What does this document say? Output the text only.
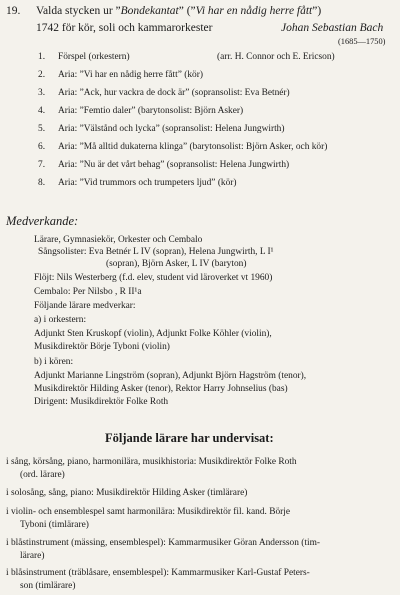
19. Valda stycken ur ”Bondekantat” (”Vi har en nådig herre fått”)
1742 för kör, soli och kammarorkester	Johan Sebastian Bach
(1685—1750)
1. Förspel (orkestern)	(arr. H. Connor och E. Ericson)
2. Aria: ”Vi har en nådig herre fått” (kör)
3. Aria: ”Ack, hur vackra de dock är” (sopransolist: Eva Betnér)
4. Aria: ”Femtio daler” (barytonsolist: Björn Asker)
5. Aria: ”Välstånd och lycka” (sopransolist: Helena Jungwirth)
6. Aria: ”Må alltid dukaterna klinga” (barytonsolist: Björn Asker, och kör)
7. Aria: ”Nu är det vårt behag” (sopransolist: Helena Jungwirth)
8. Aria: ”Vid trummors och trumpeters ljud” (kör)
Medverkande:
Lärare, Gymnasiekör, Orkester och Cembalo
Sångsolister: Eva Betnér L IV (sopran), Helena Jungwirth, L I¹
(sopran), Björn Asker, L IV (baryton)
Flöjt: Nils Westerberg (f.d. elev, student vid läroverket vt 1960)
Cembalo: Per Nilsbo , R II¹a
Följande lärare medverkar:
a) i orkestern:
Adjunkt Sten Kruskopf (violin), Adjunkt Folke Köhler (violin),
Musikdirektör Börje Tyboni (violin)
b) i kören:
Adjunkt Marianne Lingström (sopran), Adjunkt Björn Hagström (tenor),
Musikdirektör Hilding Asker (tenor), Rektor Harry Johnselius (bas)
Dirigent: Musikdirektör Folke Roth
Följande lärare har undervisat:
i sång, körsång, piano, harmonilära, musikhistoria: Musikdirektör Folke Roth
(ord. lärare)
i solosång, sång, piano: Musikdirektör Hilding Asker (timlärare)
i violin- och ensemblespel samt harmonilära: Musikdirektör fil. kand. Börje
Tyboni (timlärare)
i blåstinstrument (mässing, ensemblespel): Kammarmusiker Göran Andersson (tim-
lärare)
i blåsinstrument (träblåsare, ensemblespel): Kammarmusiker Karl-Gustaf Peters-
son (timlärare)
